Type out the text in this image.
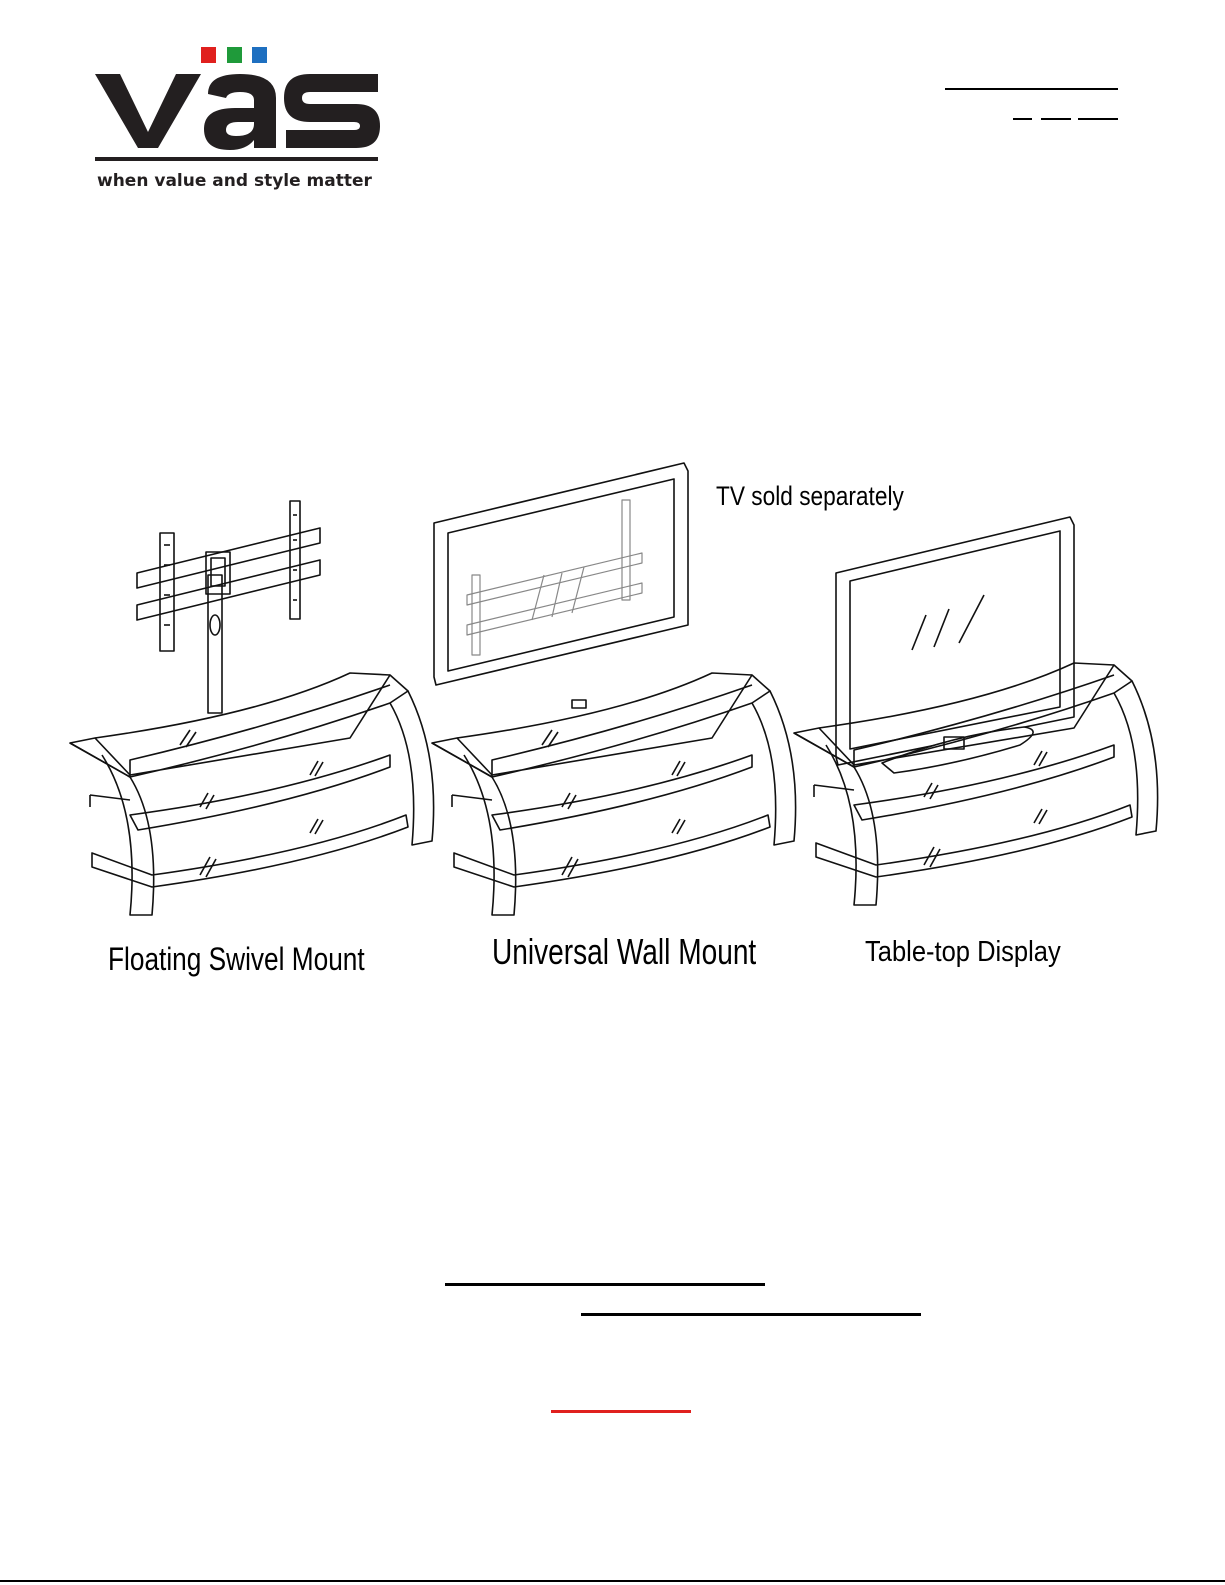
when value and style matter
TV sold separately
Floating Swivel Mount	Universal Wall Mount	Table-top Display
